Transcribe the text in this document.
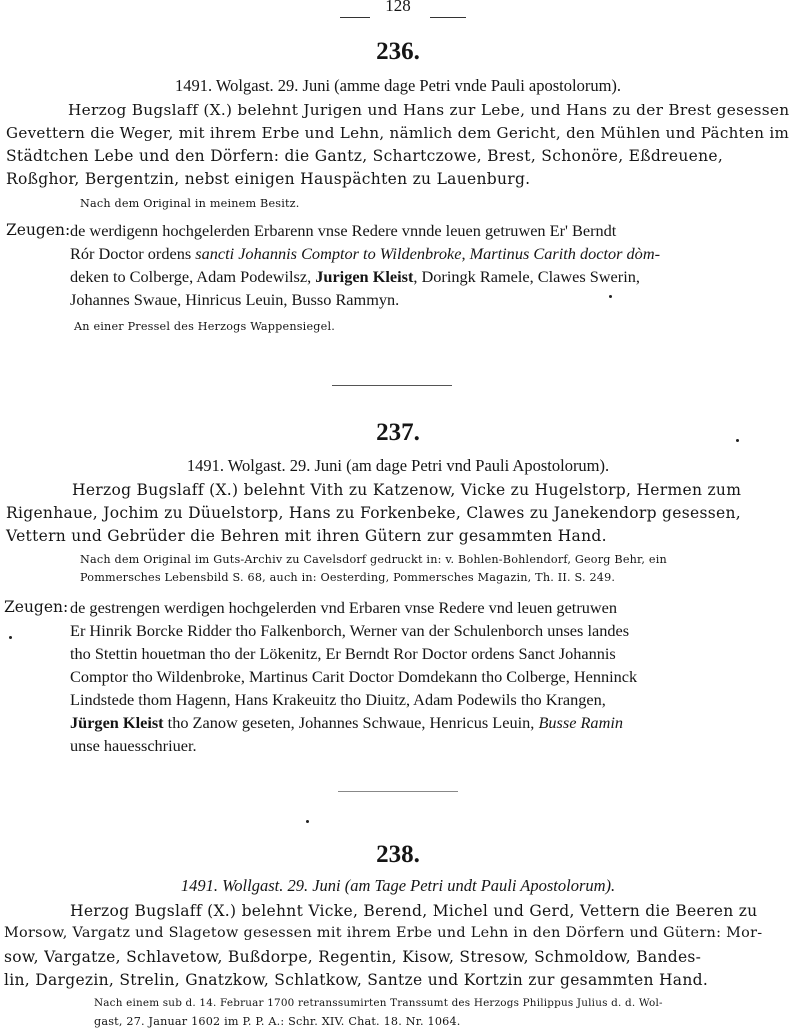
128
236.
1491. Wolgast. 29. Juni (amme dage Petri vnde Pauli apostolorum).
Herzog Bugslaff (X.) belehnt Jurigen und Hans zur Lebe, und Hans zu der Brest gesessen
Gevettern die Weger, mit ihrem Erbe und Lehn, nämlich dem Gericht, den Mühlen und Pächten im
Städtchen Lebe und den Dörfern: die Gantz, Schartczowe, Brest, Schonöre, Eßdreuene,
Roßghor, Bergentzin, nebst einigen Hauspächten zu Lauenburg.
Nach dem Original in meinem Besitz.
Zeugen: de werdigenn hochgelerden Erbarenn vnse Redere vnnde leuen getruwen Er' Berndt
Rór Doctor ordens sancti Johannis Comptor to Wildenbroke, Martinus Carith doctor dòm-
deken to Colberge, Adam Podewilsz, Jurigen Kleist, Doringk Ramele, Clawes Swerin,
Johannes Swaue, Hinricus Leuin, Busso Rammyn.
An einer Pressel des Herzogs Wappensiegel.
237.
1491. Wolgast. 29. Juni (am dage Petri vnd Pauli Apostolorum).
Herzog Bugslaff (X.) belehnt Vith zu Katzenow, Vicke zu Hugelstorp, Hermen zum
Rigenhaue, Jochim zu Düuelstorp, Hans zu Forkenbeke, Clawes zu Janekendorp gesessen,
Vettern und Gebrüder die Behren mit ihren Gütern zur gesammten Hand.
Nach dem Original im Guts-Archiv zu Cavelsdorf gedruckt in: v. Bohlen-Bohlendorf, Georg Behr, ein
Pommersches Lebensbild S. 68, auch in: Oesterding, Pommersches Magazin, Th. II. S. 249.
Zeugen: de gestrengen werdigen hochgelerden vnd Erbaren vnse Redere vnd leuen getruwen
Er Hinrik Borcke Ridder tho Falkenborch, Werner van der Schulenborch unses landes
tho Stettin houetman tho der Lökenitz, Er Berndt Ror Doctor ordens Sanct Johannis
Comptor tho Wildenbroke, Martinus Carit Doctor Domdekann tho Colberge, Henninck
Lindstede thom Hagenn, Hans Krakeuitz tho Diuitz, Adam Podewils tho Krangen,
Jürgen Kleist tho Zanow geseten, Johannes Schwaue, Henricus Leuin, Busse Ramin
unse hauesschriuer.
238.
1491. Wollgast. 29. Juni (am Tage Petri undt Pauli Apostolorum).
Herzog Bugslaff (X.) belehnt Vicke, Berend, Michel und Gerd, Vettern die Beeren zu
Morsow, Vargatz und Slagetow gesessen mit ihrem Erbe und Lehn in den Dörfern und Gütern: Mor-
sow, Vargatze, Schlavetow, Bußdorpe, Regentin, Kisow, Stresow, Schmoldow, Bandes-
lin, Dargezin, Strelin, Gnatzkow, Schlatkow, Santze und Kortzin zur gesammten Hand.
Nach einem sub d. 14. Februar 1700 retranssumirten Transsumt des Herzogs Philippus Julius d. d. Wol-
gast, 27. Januar 1602 im P. P. A.: Schr. XIV. Chat. 18. Nr. 1064.
